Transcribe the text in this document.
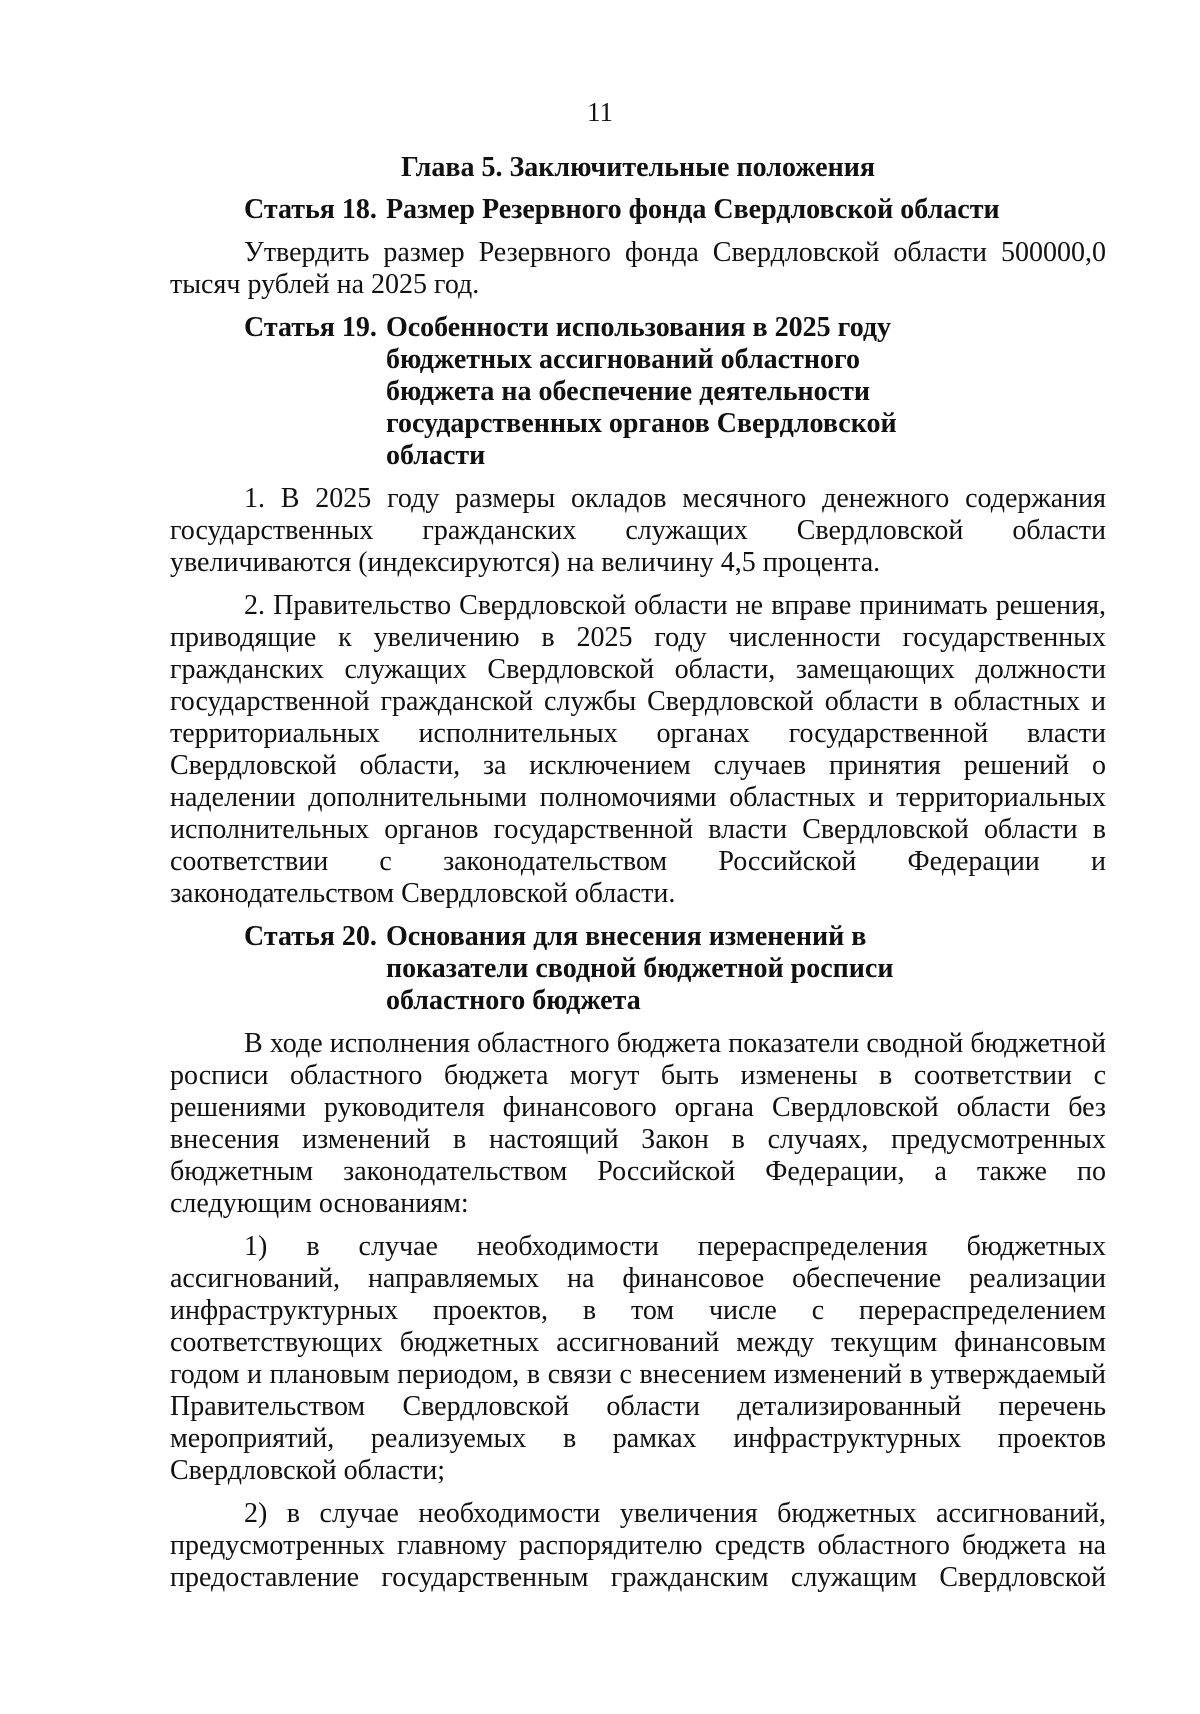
11
Глава 5. Заключительные положения
Статья 18. Размер Резервного фонда Свердловской области

Утвердить размер Резервного фонда Свердловской области 500000,0 тысяч рублей на 2025 год.

Статья 19. Особенности использования в 2025 году бюджетных ассигнований областного бюджета на обеспечение деятельности государственных органов Свердловской области

1. В 2025 году размеры окладов месячного денежного содержания государственных гражданских служащих Свердловской области увеличиваются (индексируются) на величину 4,5 процента.

2. Правительство Свердловской области не вправе принимать решения, приводящие к увеличению в 2025 году численности государственных гражданских служащих Свердловской области, замещающих должности государственной гражданской службы Свердловской области в областных и территориальных исполнительных органах государственной власти Свердловской области, за исключением случаев принятия решений о наделении дополнительными полномочиями областных и территориальных исполнительных органов государственной власти Свердловской области в соответствии с законодательством Российской Федерации и законодательством Свердловской области.

Статья 20. Основания для внесения изменений в показатели сводной бюджетной росписи областного бюджета

В ходе исполнения областного бюджета показатели сводной бюджетной росписи областного бюджета могут быть изменены в соответствии с решениями руководителя финансового органа Свердловской области без внесения изменений в настоящий Закон в случаях, предусмотренных бюджетным законодательством Российской Федерации, а также по следующим основаниям:

1) в случае необходимости перераспределения бюджетных ассигнований, направляемых на финансовое обеспечение реализации инфраструктурных проектов, в том числе с перераспределением соответствующих бюджетных ассигнований между текущим финансовым годом и плановым периодом, в связи с внесением изменений в утверждаемый Правительством Свердловской области детализированный перечень мероприятий, реализуемых в рамках инфраструктурных проектов Свердловской области;

2) в случае необходимости увеличения бюджетных ассигнований, предусмотренных главному распорядителю средств областного бюджета на предоставление государственным гражданским служащим Свердловской
